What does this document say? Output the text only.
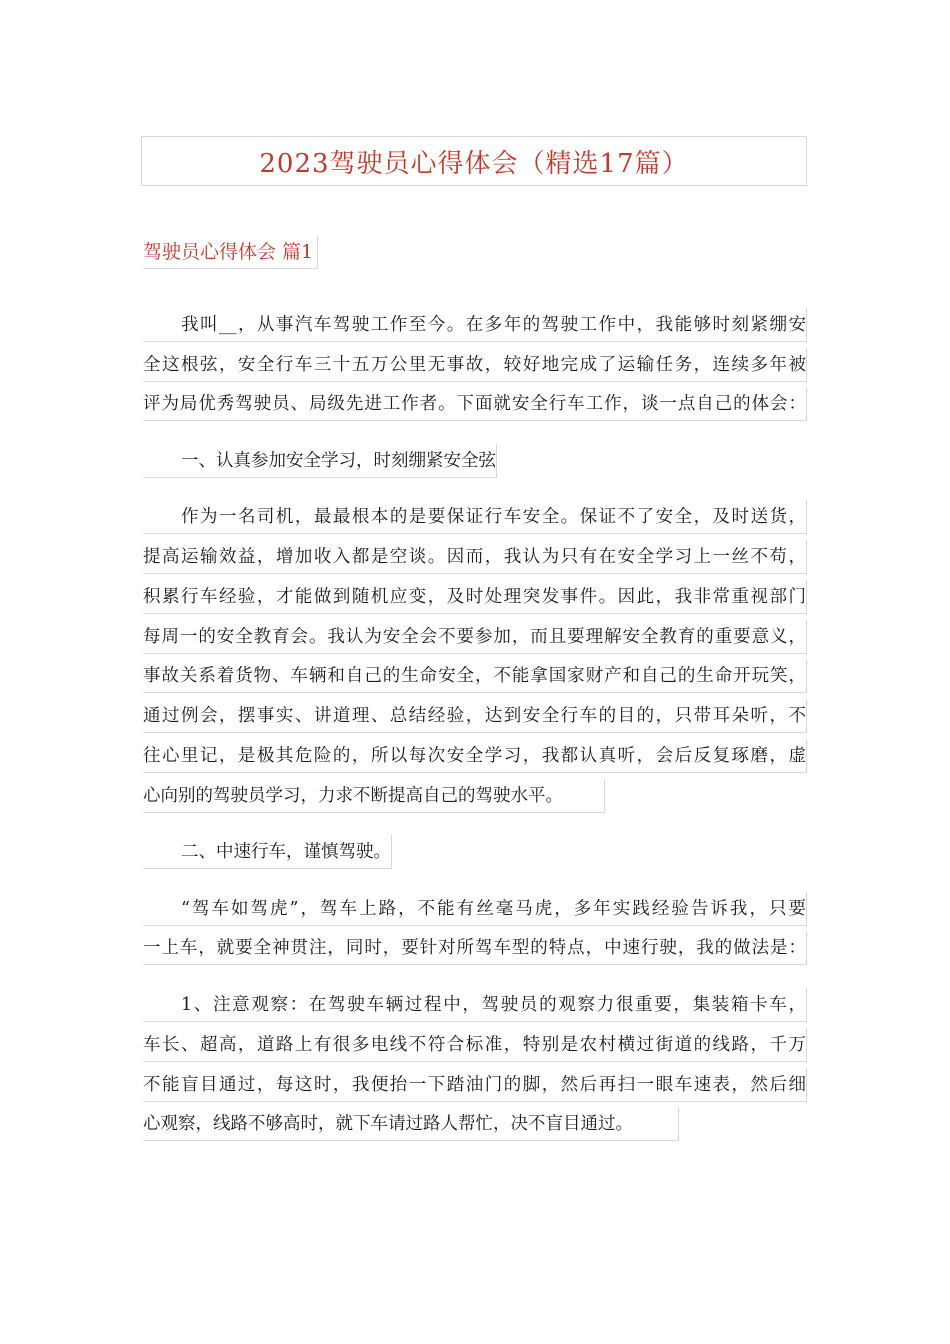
2023驾驶员心得体会（精选17篇）
驾驶员心得体会 篇1
我叫__，从事汽车驾驶工作至今。在多年的驾驶工作中，我能够时刻紧绷安
全这根弦，安全行车三十五万公里无事故，较好地完成了运输任务，连续多年被
评为局优秀驾驶员、局级先进工作者。下面就安全行车工作，谈一点自己的体会：
一、认真参加安全学习，时刻绷紧安全弦
作为一名司机，最最根本的是要保证行车安全。保证不了安全，及时送货，
提高运输效益，增加收入都是空谈。因而，我认为只有在安全学习上一丝不苟，
积累行车经验，才能做到随机应变，及时处理突发事件。因此，我非常重视部门
每周一的安全教育会。我认为安全会不要参加，而且要理解安全教育的重要意义，
事故关系着货物、车辆和自己的生命安全，不能拿国家财产和自己的生命开玩笑，
通过例会，摆事实、讲道理、总结经验，达到安全行车的目的，只带耳朵听，不
往心里记，是极其危险的，所以每次安全学习，我都认真听，会后反复琢磨，虚
心向别的驾驶员学习，力求不断提高自己的驾驶水平。
二、中速行车，谨慎驾驶。
“驾车如驾虎”，驾车上路，不能有丝毫马虎，多年实践经验告诉我，只要
一上车，就要全神贯注，同时，要针对所驾车型的特点，中速行驶，我的做法是：
1、注意观察：在驾驶车辆过程中，驾驶员的观察力很重要，集装箱卡车，
车长、超高，道路上有很多电线不符合标准，特别是农村横过街道的线路，千万
不能盲目通过，每这时，我便抬一下踏油门的脚，然后再扫一眼车速表，然后细
心观察，线路不够高时，就下车请过路人帮忙，决不盲目通过。
